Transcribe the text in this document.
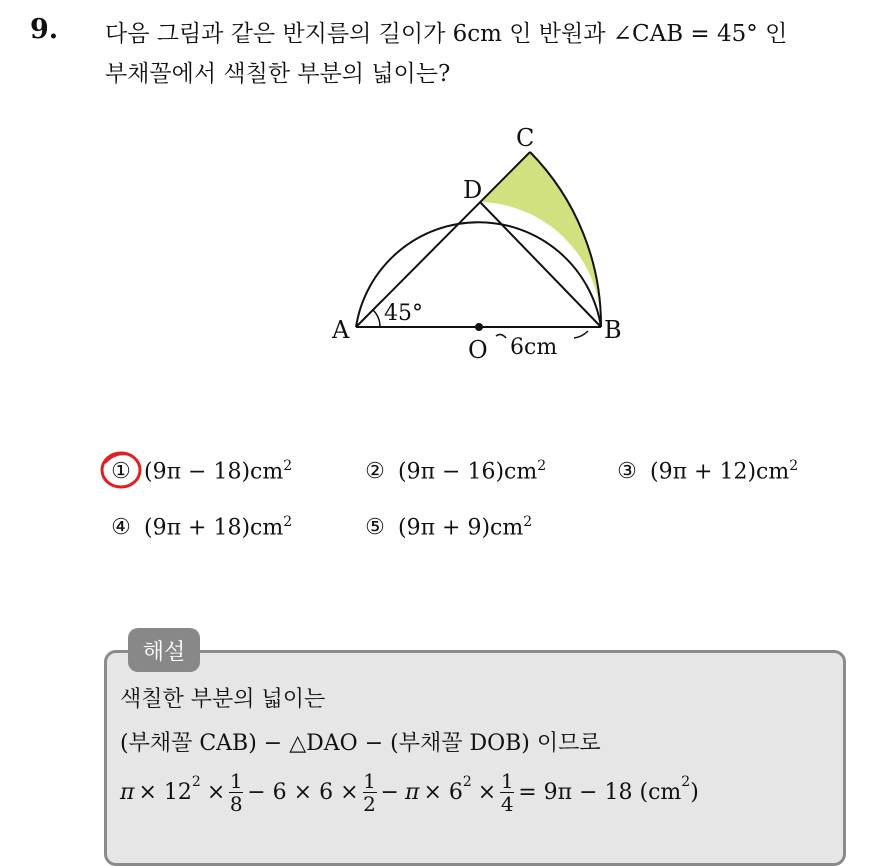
9. 다음 그림과 같은 반지름의 길이가 6cm 인 반원과 ∠CAB = 45° 인
부채꼴에서 색칠한 부분의 넓이는?
C
D
A	B
O
45°
6cm
① $(9\pi - 18)cm^2$	② $(9\pi - 16)cm^2$	③ $(9\pi + 12)cm^2$
④ $(9\pi + 18)cm^2$	⑤ $(9\pi + 9)cm^2$
해설
색칠한 부분의 넓이는
(부채꼴 CAB) − △DAO − (부채꼴 DOB) 이므로
$\pi \times 12^2 \times \frac{1}{8} - 6 \times 6 \times \frac{1}{2} - \pi \times 6^2 \times \frac{1}{4} = 9\pi - 18$ ($cm^2$ )
